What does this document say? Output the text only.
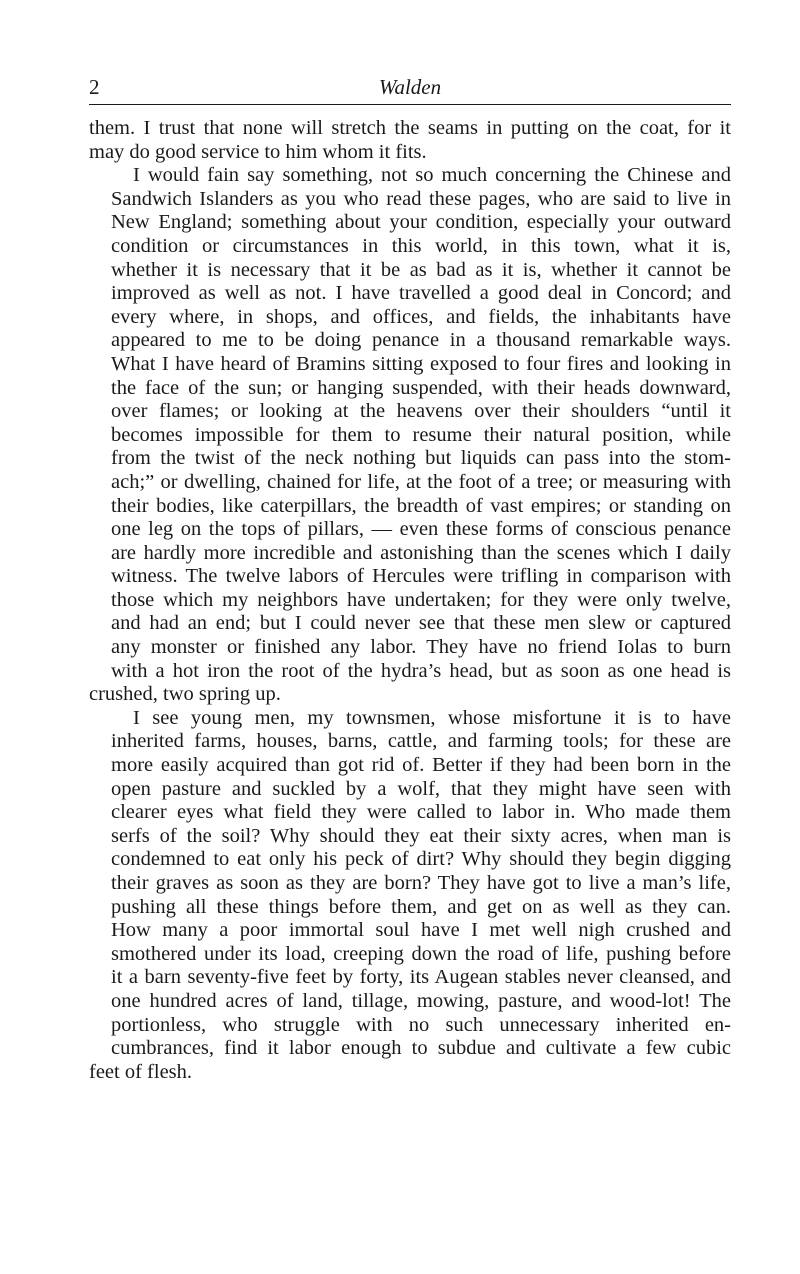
2	Walden

them. I trust that none will stretch the seams in putting on the coat, for it
may do good service to him whom it fits.

I would fain say something, not so much concerning the Chinese and
Sandwich Islanders as you who read these pages, who are said to live in
New England; something about your condition, especially your outward
condition or circumstances in this world, in this town, what it is,
whether it is necessary that it be as bad as it is, whether it cannot be
improved as well as not. I have travelled a good deal in Concord; and
every where, in shops, and offices, and fields, the inhabitants have
appeared to me to be doing penance in a thousand remarkable ways.
What I have heard of Bramins sitting exposed to four fires and looking in
the face of the sun; or hanging suspended, with their heads downward,
over flames; or looking at the heavens over their shoulders “until it
becomes impossible for them to resume their natural position, while
from the twist of the neck nothing but liquids can pass into the stom-
ach;” or dwelling, chained for life, at the foot of a tree; or measuring with
their bodies, like caterpillars, the breadth of vast empires; or standing on
one leg on the tops of pillars, — even these forms of conscious penance
are hardly more incredible and astonishing than the scenes which I daily
witness. The twelve labors of Hercules were trifling in comparison with
those which my neighbors have undertaken; for they were only twelve,
and had an end; but I could never see that these men slew or captured
any monster or finished any labor. They have no friend Iolas to burn
with a hot iron the root of the hydra’s head, but as soon as one head is
crushed, two spring up.

I see young men, my townsmen, whose misfortune it is to have
inherited farms, houses, barns, cattle, and farming tools; for these are
more easily acquired than got rid of. Better if they had been born in the
open pasture and suckled by a wolf, that they might have seen with
clearer eyes what field they were called to labor in. Who made them
serfs of the soil? Why should they eat their sixty acres, when man is
condemned to eat only his peck of dirt? Why should they begin digging
their graves as soon as they are born? They have got to live a man’s life,
pushing all these things before them, and get on as well as they can.
How many a poor immortal soul have I met well nigh crushed and
smothered under its load, creeping down the road of life, pushing before
it a barn seventy-five feet by forty, its Augean stables never cleansed, and
one hundred acres of land, tillage, mowing, pasture, and wood-lot! The
portionless, who struggle with no such unnecessary inherited en-
cumbrances, find it labor enough to subdue and cultivate a few cubic
feet of flesh.
